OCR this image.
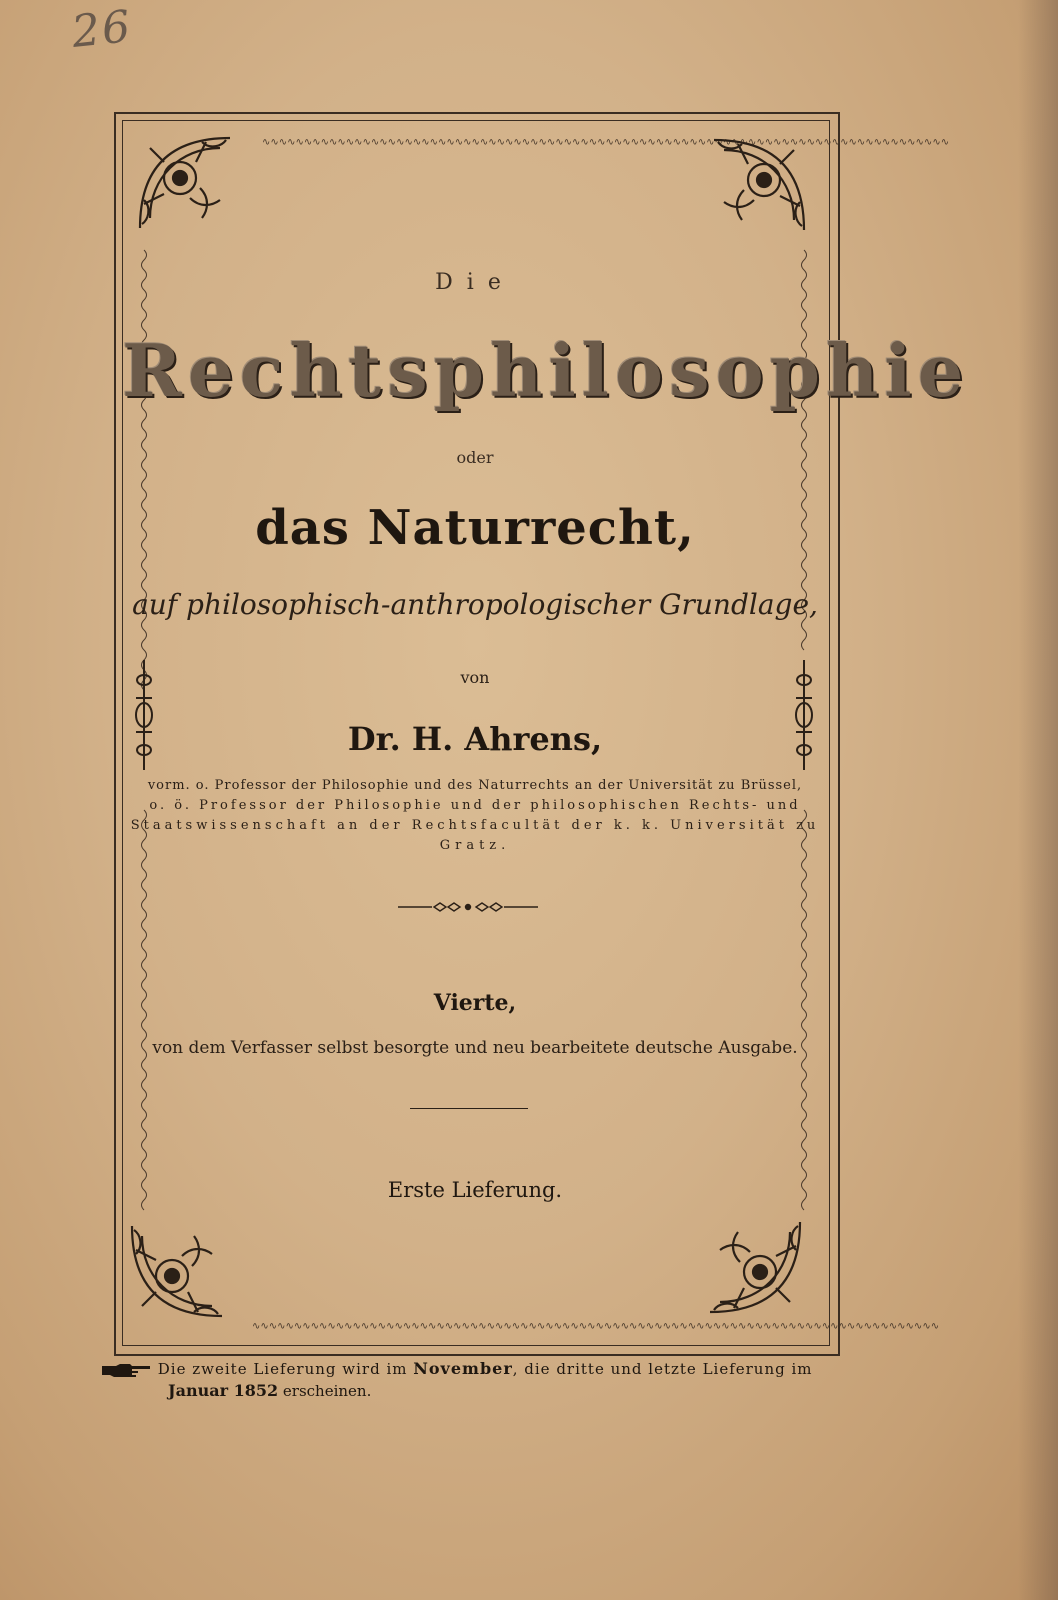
26
∿∿∿∿∿∿∿∿∿∿∿∿∿∿∿∿∿∿∿∿∿∿∿∿∿∿∿∿∿∿∿∿∿∿∿∿∿∿∿∿∿∿∿∿∿∿∿∿∿∿∿∿∿∿∿∿∿∿∿∿∿∿∿∿∿∿∿∿∿∿∿∿∿∿∿∿∿∿∿∿∿∿
∿∿∿∿∿∿∿∿∿∿∿∿∿∿∿∿∿∿∿∿∿∿∿∿∿∿∿∿∿∿∿∿∿∿∿∿∿∿∿∿∿∿∿∿∿∿∿∿∿∿∿∿∿∿∿∿∿∿∿∿∿∿∿∿∿∿∿∿∿∿∿∿∿∿∿∿∿∿∿∿∿∿
Die
Rechtsphilosophie
oder
das Naturrecht,
auf philosophisch-anthropologischer Grundlage,
von
Dr. H. Ahrens,
vorm. o. Professor der Philosophie und des Naturrechts an der Universität zu Brüssel,
o. ö. Professor der Philosophie und der philosophischen Rechts- und
Staatswissenschaft an der Rechtsfacultät der k. k. Universität zu
Gratz.
Vierte,
von dem Verfasser selbst besorgte und neu bearbeitete deutsche Ausgabe.
Erste Lieferung.
Die zweite Lieferung wird im November, die dritte und letzte Lieferung im
Januar 1852 erscheinen.
